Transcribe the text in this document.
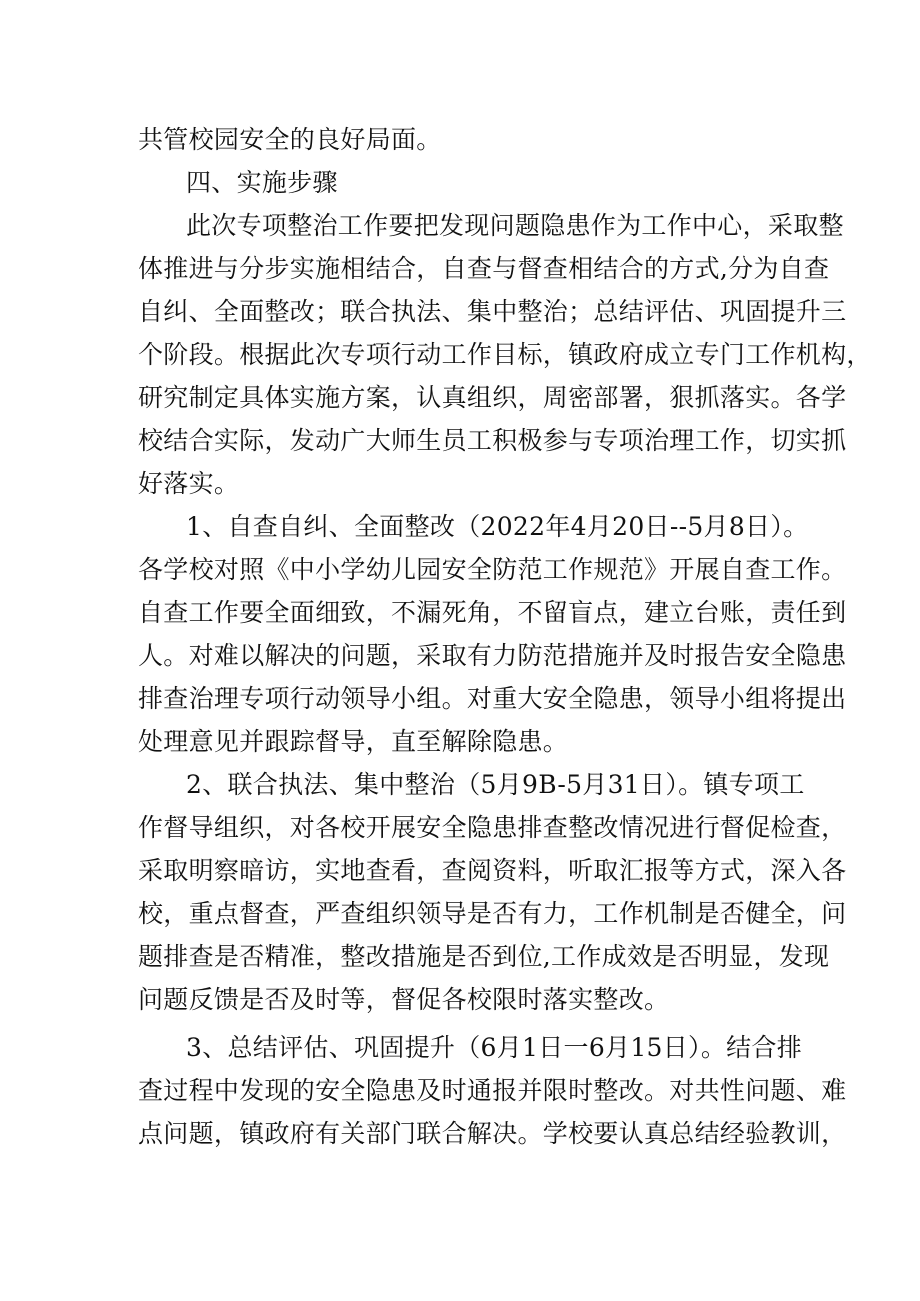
共管校园安全的良好局面。
四、实施步骤
此次专项整治工作要把发现问题隐患作为工作中心，采取整
体推进与分步实施相结合，自查与督查相结合的方式,分为自查
自纠、全面整改；联合执法、集中整治；总结评估、巩固提升三
个阶段。根据此次专项行动工作目标，镇政府成立专门工作机构，
研究制定具体实施方案，认真组织，周密部署，狠抓落实。各学
校结合实际，发动广大师生员工积极参与专项治理工作，切实抓
好落实。
1、自查自纠、全面整改（2022年4月20日--5月8日）。
各学校对照《中小学幼儿园安全防范工作规范》开展自查工作。
自查工作要全面细致，不漏死角，不留盲点，建立台账，责任到
人。对难以解决的问题，采取有力防范措施并及时报告安全隐患
排查治理专项行动领导小组。对重大安全隐患，领导小组将提出
处理意见并跟踪督导，直至解除隐患。
2、联合执法、集中整治（5月9B-5月31日）。镇专项工
作督导组织，对各校开展安全隐患排查整改情况进行督促检查，
采取明察暗访，实地查看，查阅资料，听取汇报等方式，深入各
校，重点督查，严查组织领导是否有力，工作机制是否健全，问
题排查是否精准，整改措施是否到位,工作成效是否明显，发现
问题反馈是否及时等，督促各校限时落实整改。
3、总结评估、巩固提升（6月1日一6月15日）。结合排
查过程中发现的安全隐患及时通报并限时整改。对共性问题、难
点问题，镇政府有关部门联合解决。学校要认真总结经验教训，
